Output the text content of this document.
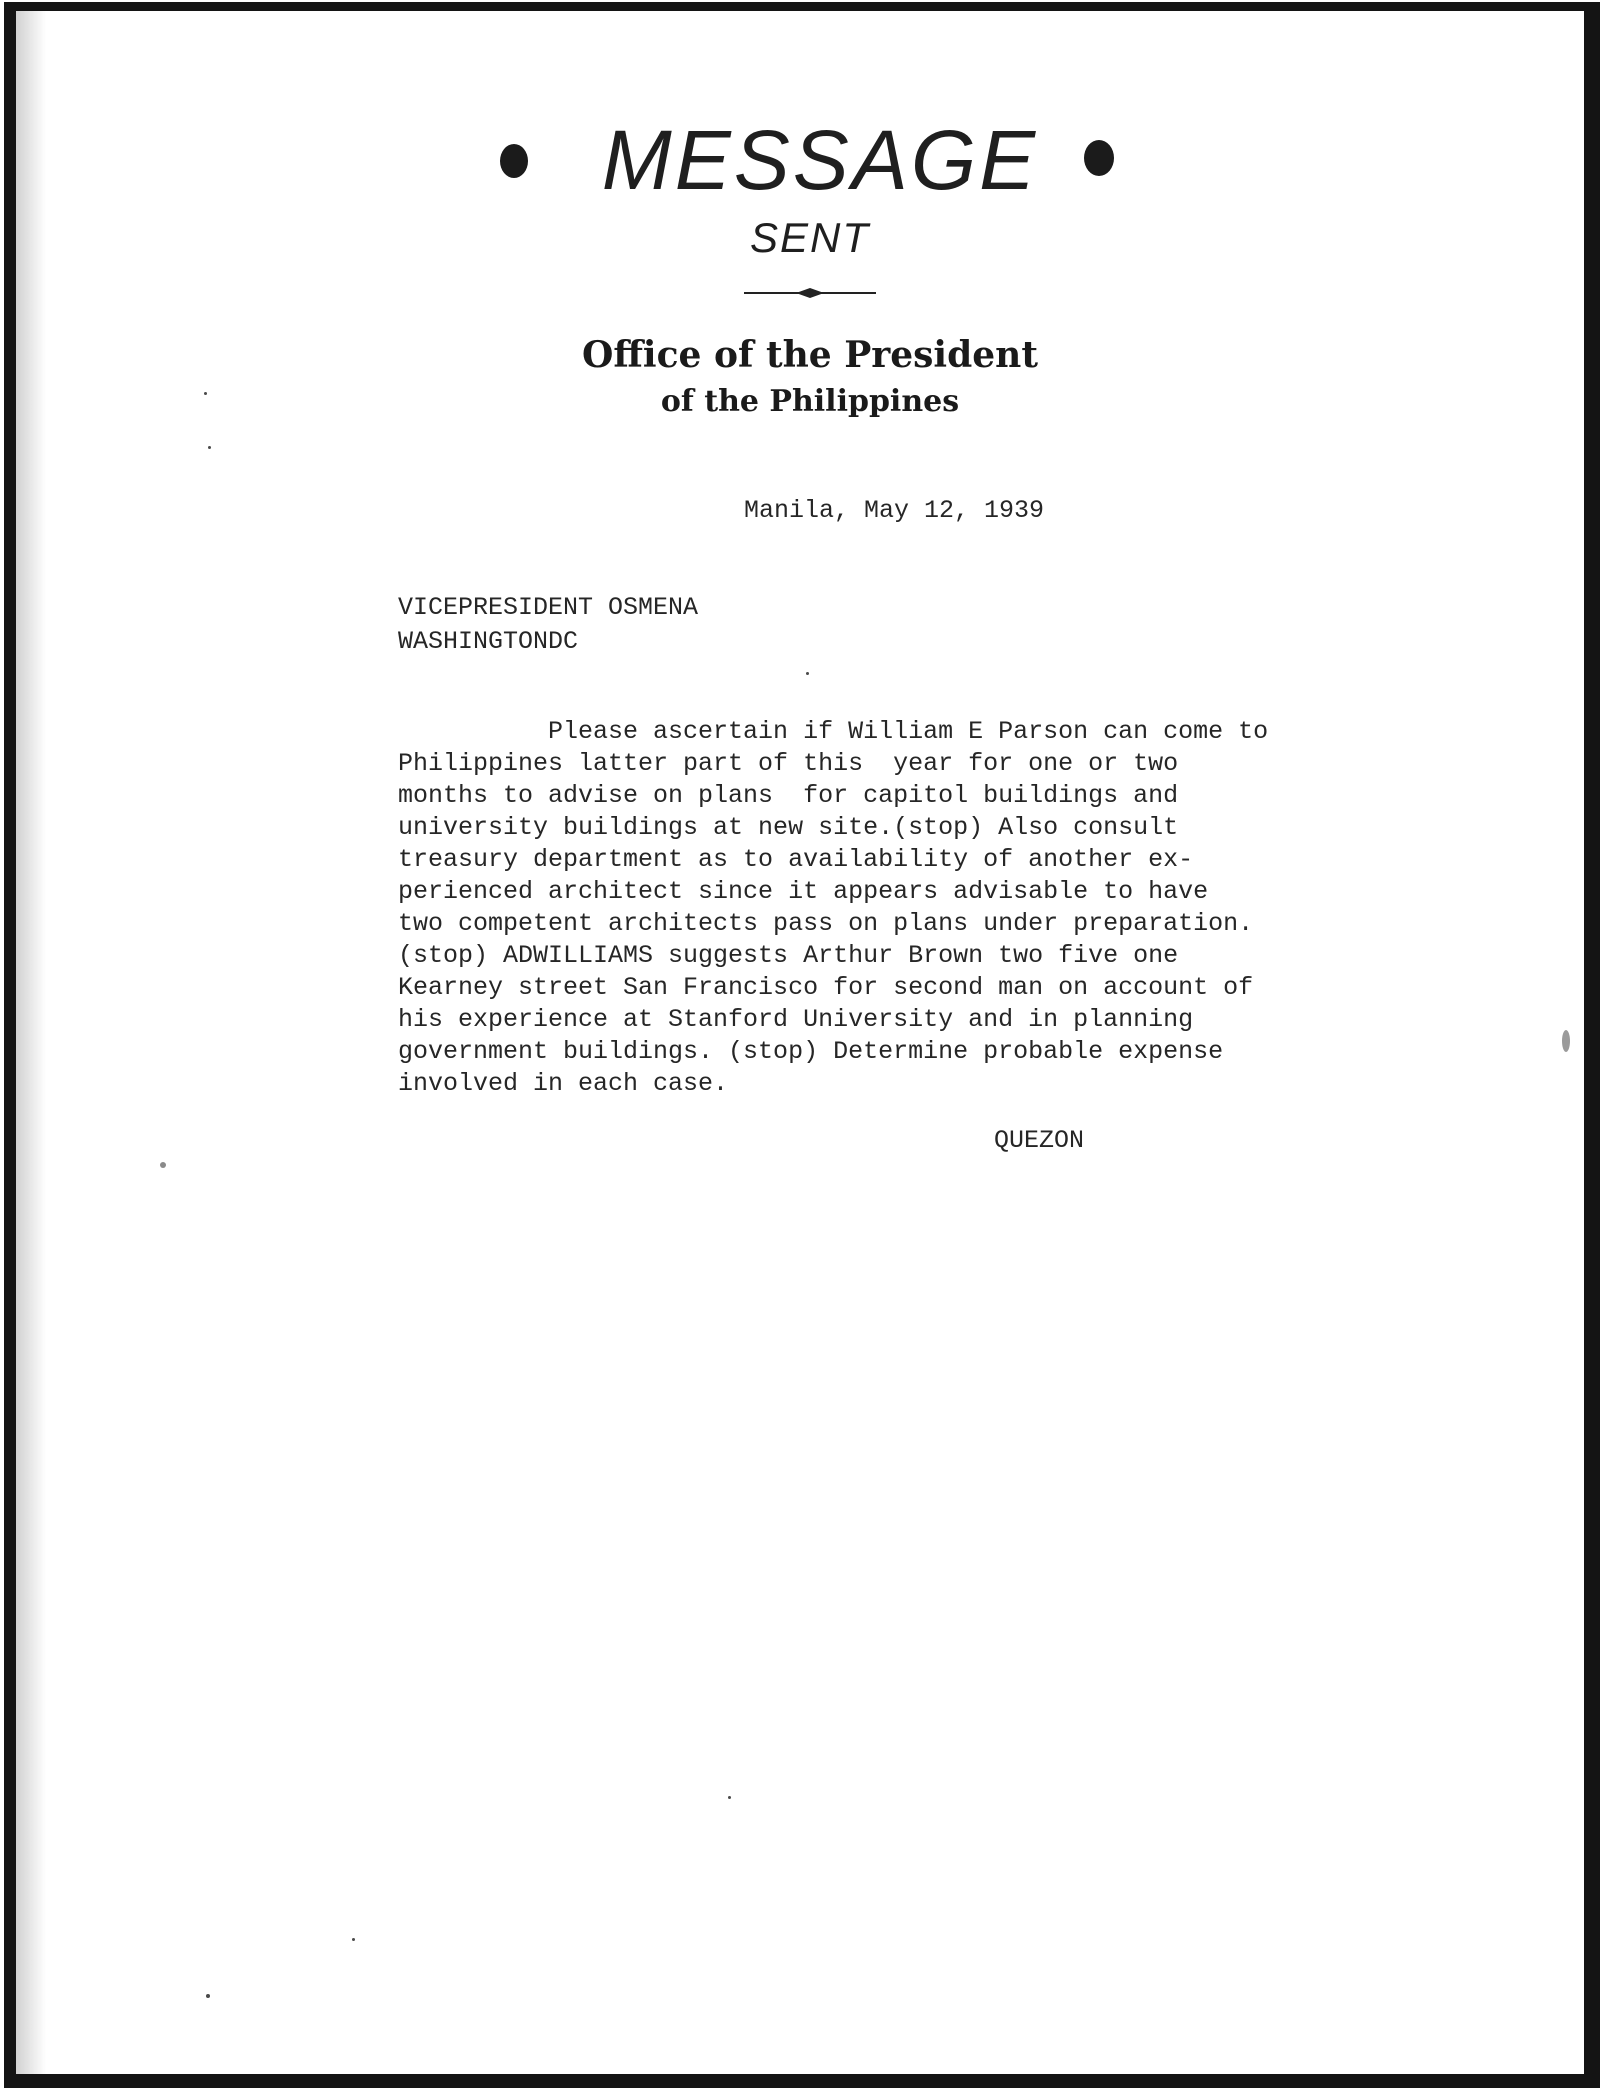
MESSAGE
SENT
Office of the President
of the Philippines
Manila, May 12, 1939
VICEPRESIDENT OSMENA
WASHINGTONDC
Please ascertain if William E Parson can come to
Philippines latter part of this  year for one or two
months to advise on plans  for capitol buildings and
university buildings at new site.(stop) Also consult
treasury department as to availability of another ex-
perienced architect since it appears advisable to have
two competent architects pass on plans under preparation.
(stop) ADWILLIAMS suggests Arthur Brown two five one
Kearney street San Francisco for second man on account of
his experience at Stanford University and in planning
government buildings. (stop) Determine probable expense
involved in each case.
QUEZON
